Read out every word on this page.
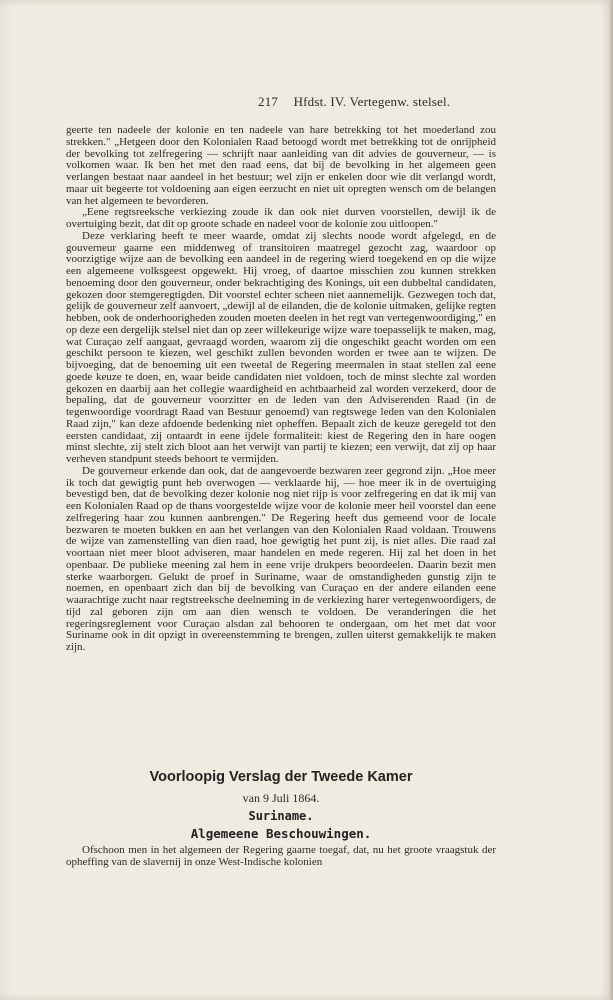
217 Hfdst. IV. Vertegenw. stelsel.

geerte ten nadeele der kolonie en ten nadeele van hare betrekking tot het moederland zou strekken." „Hetgeen door den Kolonialen Raad betoogd wordt met betrekking tot de onrijpheid der bevolking tot zelfregering — schrijft naar aanleiding van dit advies de gouverneur, — is volkomen waar. Ik ben het met den raad eens, dat bij de bevolking in het algemeen geen verlangen bestaat naar aandeel in het bestuur; wel zijn er enkelen door wie dit verlangd wordt, maar uit begeerte tot voldoening aan eigen eerzucht en niet uit opregten wensch om de belangen van het algemeen te bevorderen.

„Eene regtsreeksche verkiezing zoude ik dan ook niet durven voorstellen, dewijl ik de overtuiging bezit, dat dit op groote schade en nadeel voor de kolonie zou uitloopen."

Deze verklaring heeft te meer waarde, omdat zij slechts noode wordt afgelegd, en de gouverneur gaarne een middenweg of transitoiren maatregel gezocht zag, waardoor op voorzigtige wijze aan de bevolking een aandeel in de regering wierd toegekend en op die wijze een algemeene volksgeest opgewekt. Hij vroeg, of daartoe misschien zou kunnen strekken benoeming door den gouverneur, onder bekrachtiging des Konings, uit een dubbeltal candidaten, gekozen door stemgeregtigden. Dit voorstel echter scheen niet aannemelijk. Gezwegen toch dat, gelijk de gouverneur zelf aanvoert, „dewijl al de eilanden, die de kolonie uitmaken, gelijke regten hebben, ook de onderhoorigheden zouden moeten deelen in het regt van vertegenwoordiging," en op deze een dergelijk stelsel niet dan op zeer willekeurige wijze ware toepasselijk te maken, mag, wat Curaçao zelf aangaat, gevraagd worden, waarom zij die ongeschikt geacht worden om een geschikt persoon te kiezen, wel geschikt zullen bevonden worden er twee aan te wijzen. De bijvoeging, dat de benoeming uit een tweetal de Regering meermalen in staat stellen zal eene goede keuze te doen, en, waar beide candidaten niet voldoen, toch de minst slechte zal worden gekozen en daarbij aan het collegie waardigheid en achtbaarheid zal worden verzekerd, door de bepaling, dat de gouverneur voorzitter en de leden van den Adviserenden Raad (in de tegenwoordige voordragt Raad van Bestuur genoemd) van regtswege leden van den Kolonialen Raad zijn," kan deze afdoende bedenking niet opheffen. Bepaalt zich de keuze geregeld tot den eersten candidaat, zij ontaardt in eene ijdele formaliteit: kiest de Regering den in hare oogen minst slechte, zij stelt zich bloot aan het verwijt van partij te kiezen; een verwijt, dat zij op haar verheven standpunt steeds behoort te vermijden.

De gouverneur erkende dan ook, dat de aangevoerde bezwaren zeer gegrond zijn. „Hoe meer ik toch dat gewigtig punt heb overwogen — verklaarde hij, — hoe meer ik in de overtuiging bevestigd ben, dat de bevolking dezer kolonie nog niet rijp is voor zelfregering en dat ik mij van een Kolonialen Raad op de thans voorgestelde wijze voor de kolonie meer heil voorstel dan eene zelfregering haar zou kunnen aanbrengen." De Regering heeft dus gemeend voor de locale bezwaren te moeten bukken en aan het verlangen van den Kolonialen Raad voldaan. Trouwens de wijze van zamenstelling van dien raad, hoe gewigtig het punt zij, is niet alles. Die raad zal voortaan niet meer bloot adviseren, maar handelen en mede regeren. Hij zal het doen in het openbaar. De publieke meening zal hem in eene vrije drukpers beoordeelen. Daarin bezit men sterke waarborgen. Gelukt de proef in Suriname, waar de omstandigheden gunstig zijn te noemen, en openbaart zich dan bij de bevolking van Curaçao en der andere eilanden eene waarachtige zucht naar regtstreeksche deelneming in de verkiezing harer vertegenwoordigers, de tijd zal geboren zijn om aan dien wensch te voldoen. De veranderingen die het regeringsreglement voor Curaçao alsdan zal behooren te ondergaan, om het met dat voor Suriname ook in dit opzigt in overeenstemming te brengen, zullen uiterst gemakkelijk te maken zijn.

Voorloopig Verslag der Tweede Kamer
van 9 Juli 1864.
Suriname.
Algemeene Beschouwingen.

Ofschoon men in het algemeen der Regering gaarne toegaf, dat, nu het groote vraagstuk der opheffing van de slavernij in onze West-Indische kolonien
